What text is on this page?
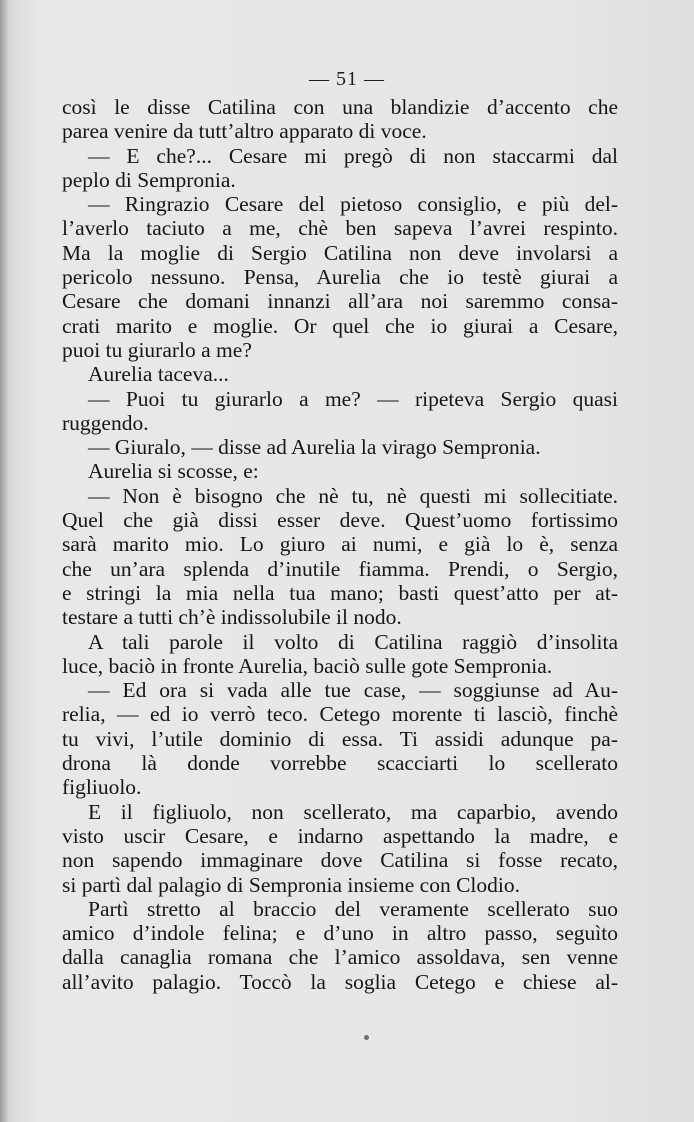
— 51 —
così le disse Catilina con una blandizie d’accento che
parea venire da tutt’altro apparato di voce.
— E che?... Cesare mi pregò di non staccarmi dal
peplo di Sempronia.
— Ringrazio Cesare del pietoso consiglio, e più del-
l’averlo taciuto a me, chè ben sapeva l’avrei respinto.
Ma la moglie di Sergio Catilina non deve involarsi a
pericolo nessuno. Pensa, Aurelia che io testè giurai a
Cesare che domani innanzi all’ara noi saremmo consa-
crati marito e moglie. Or quel che io giurai a Cesare,
puoi tu giurarlo a me?
Aurelia taceva...
— Puoi tu giurarlo a me? — ripeteva Sergio quasi
ruggendo.
— Giuralo, — disse ad Aurelia la virago Sempronia.
Aurelia si scosse, e:
— Non è bisogno che nè tu, nè questi mi sollecitiate.
Quel che già dissi esser deve. Quest’uomo fortissimo
sarà marito mio. Lo giuro ai numi, e già lo è, senza
che un’ara splenda d’inutile fiamma. Prendi, o Sergio,
e stringi la mia nella tua mano; basti quest’atto per at-
testare a tutti ch’è indissolubile il nodo.
A tali parole il volto di Catilina raggiò d’insolita
luce, baciò in fronte Aurelia, baciò sulle gote Sempronia.
— Ed ora si vada alle tue case, — soggiunse ad Au-
relia, — ed io verrò teco. Cetego morente ti lasciò, finchè
tu vivi, l’utile dominio di essa. Ti assidi adunque pa-
drona là donde vorrebbe scacciarti lo scellerato
figliuolo.
E il figliuolo, non scellerato, ma caparbio, avendo
visto uscir Cesare, e indarno aspettando la madre, e
non sapendo immaginare dove Catilina si fosse recato,
si partì dal palagio di Sempronia insieme con Clodio.
Partì stretto al braccio del veramente scellerato suo
amico d’indole felina; e d’uno in altro passo, seguìto
dalla canaglia romana che l’amico assoldava, sen venne
all’avito palagio. Toccò la soglia Cetego e chiese al-
